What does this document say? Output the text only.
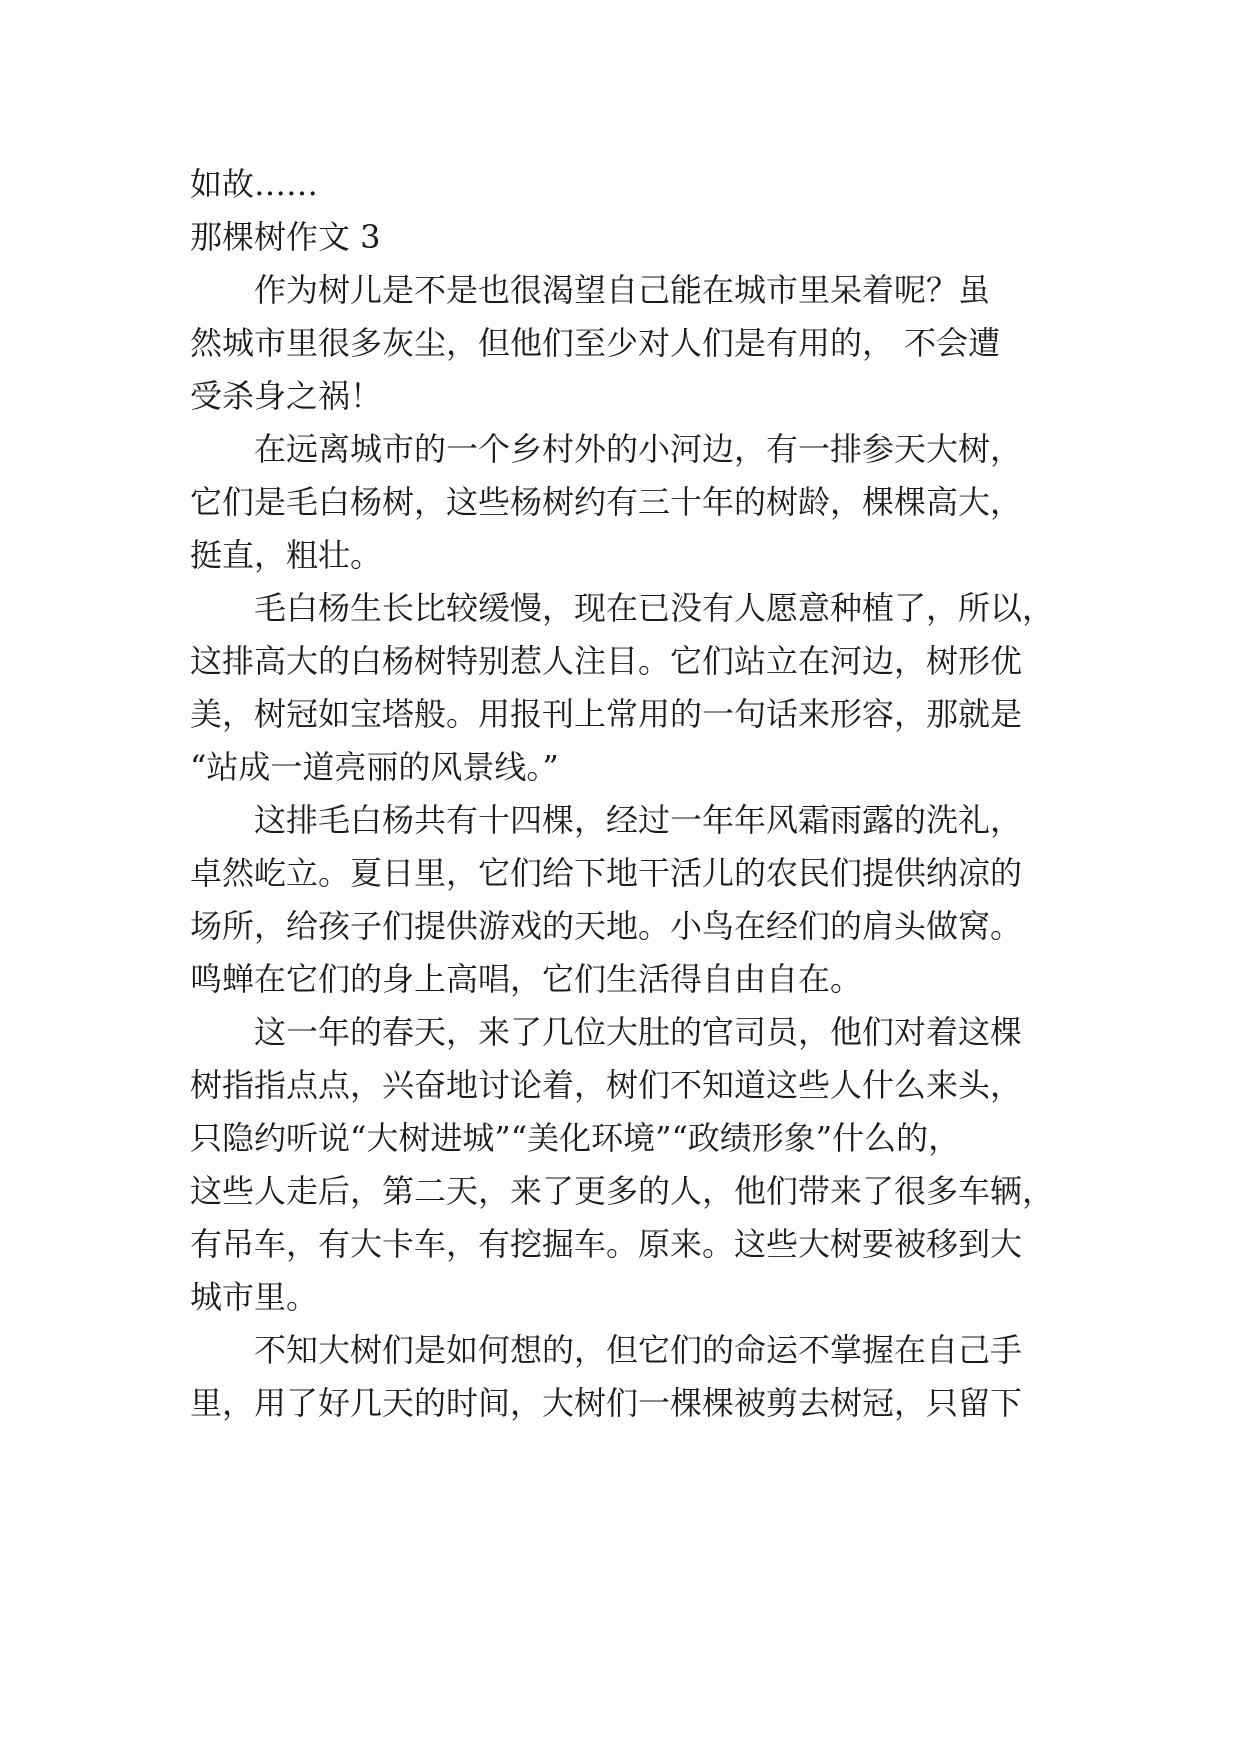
如故……
那棵树作文 3
作为树儿是不是也很渴望自己能在城市里呆着呢？虽
然城市里很多灰尘，但他们至少对人们是有用的， 不会遭
受杀身之祸！
在远离城市的一个乡村外的小河边，有一排参天大树，
它们是毛白杨树，这些杨树约有三十年的树龄，棵棵高大，
挺直，粗壮。
毛白杨生长比较缓慢，现在已没有人愿意种植了，所以，
这排高大的白杨树特别惹人注目。它们站立在河边，树形优
美，树冠如宝塔般。用报刊上常用的一句话来形容，那就是
“站成一道亮丽的风景线。”
这排毛白杨共有十四棵，经过一年年风霜雨露的洗礼，
卓然屹立。夏日里，它们给下地干活儿的农民们提供纳凉的
场所，给孩子们提供游戏的天地。小鸟在经们的肩头做窝。
鸣蝉在它们的身上高唱，它们生活得自由自在。
这一年的春天，来了几位大肚的官司员，他们对着这棵
树指指点点，兴奋地讨论着，树们不知道这些人什么来头，
只隐约听说“大树进城”“美化环境”“政绩形象”什么的，
这些人走后，第二天，来了更多的人，他们带来了很多车辆，
有吊车，有大卡车，有挖掘车。原来。这些大树要被移到大
城市里。
不知大树们是如何想的，但它们的命运不掌握在自己手
里，用了好几天的时间，大树们一棵棵被剪去树冠，只留下
